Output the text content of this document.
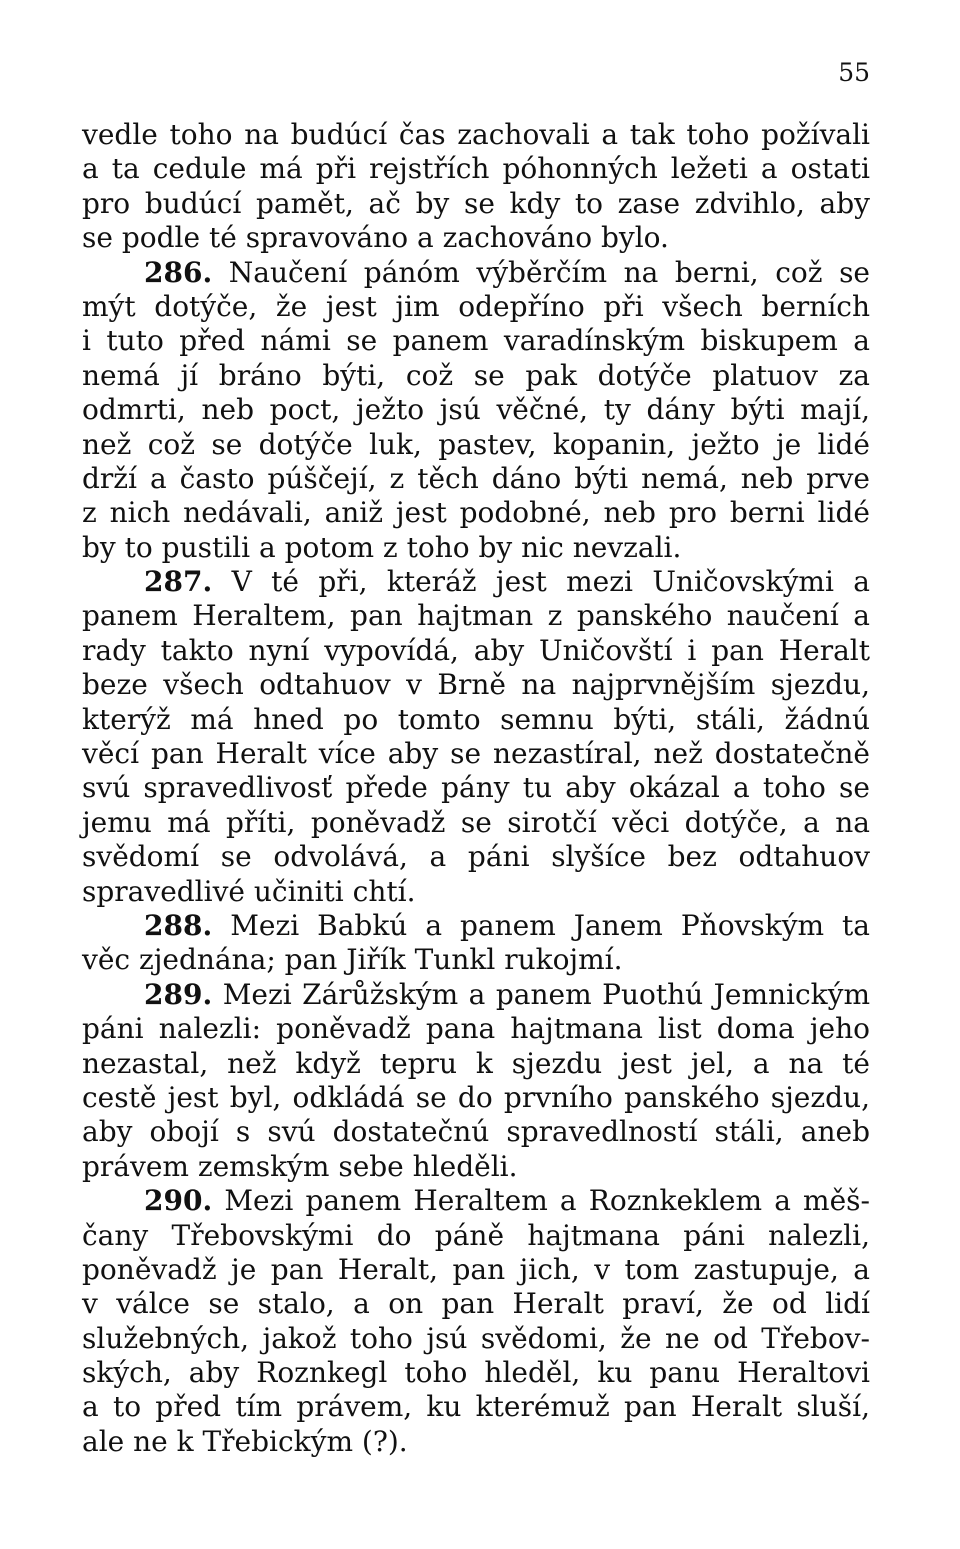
55
vedle toho na budúcí čas zachovali a tak toho požívali
a ta cedule má při rejstřích póhonných ležeti a ostati
pro budúcí pamět, ač by se kdy to zase zdvihlo, aby
se podle té spravováno a zachováno bylo.
286. Naučení pánóm výběrčím na berni, což se
mýt dotýče, že jest jim odepříno při všech berních
i tuto před námi se panem varadínským biskupem a
nemá jí bráno býti, což se pak dotýče platuov za
odmrti, neb poct, ježto jsú věčné, ty dány býti mají,
než což se dotýče luk, pastev, kopanin, ježto je lidé
drží a často púščejí, z těch dáno býti nemá, neb prve
z nich nedávali, aniž jest podobné, neb pro berni lidé
by to pustili a potom z toho by nic nevzali.
287. V té při, kteráž jest mezi Uničovskými a
panem Heraltem, pan hajtman z panského naučení a
rady takto nyní vypovídá, aby Uničovští i pan Heralt
beze všech odtahuov v Brně na najprvnějším sjezdu,
kterýž má hned po tomto semnu býti, stáli, žádnú
věcí pan Heralt více aby se nezastíral, než dostatečně
svú spravedlivosť přede pány tu aby okázal a toho se
jemu má příti, poněvadž se sirotčí věci dotýče, a na
svědomí se odvolává, a páni slyšíce bez odtahuov
spravedlivé učiniti chtí.
288. Mezi Babkú a panem Janem Pňovským ta
věc zjednána; pan Jiřík Tunkl rukojmí.
289. Mezi Zárůžským a panem Puothú Jemnickým
páni nalezli: poněvadž pana hajtmana list doma jeho
nezastal, než když tepru k sjezdu jest jel, a na té
cestě jest byl, odkládá se do prvního panského sjezdu,
aby obojí s svú dostatečnú spravedlností stáli, aneb
právem zemským sebe hleděli.
290. Mezi panem Heraltem a Roznkeklem a měš-
čany Třebovskými do páně hajtmana páni nalezli,
poněvadž je pan Heralt, pan jich, v tom zastupuje, a
v válce se stalo, a on pan Heralt praví, že od lidí
služebných, jakož toho jsú svědomi, že ne od Třebov-
ských, aby Roznkegl toho hleděl, ku panu Heraltovi
a to před tím právem, ku kterémuž pan Heralt sluší,
ale ne k Třebickým (?).
